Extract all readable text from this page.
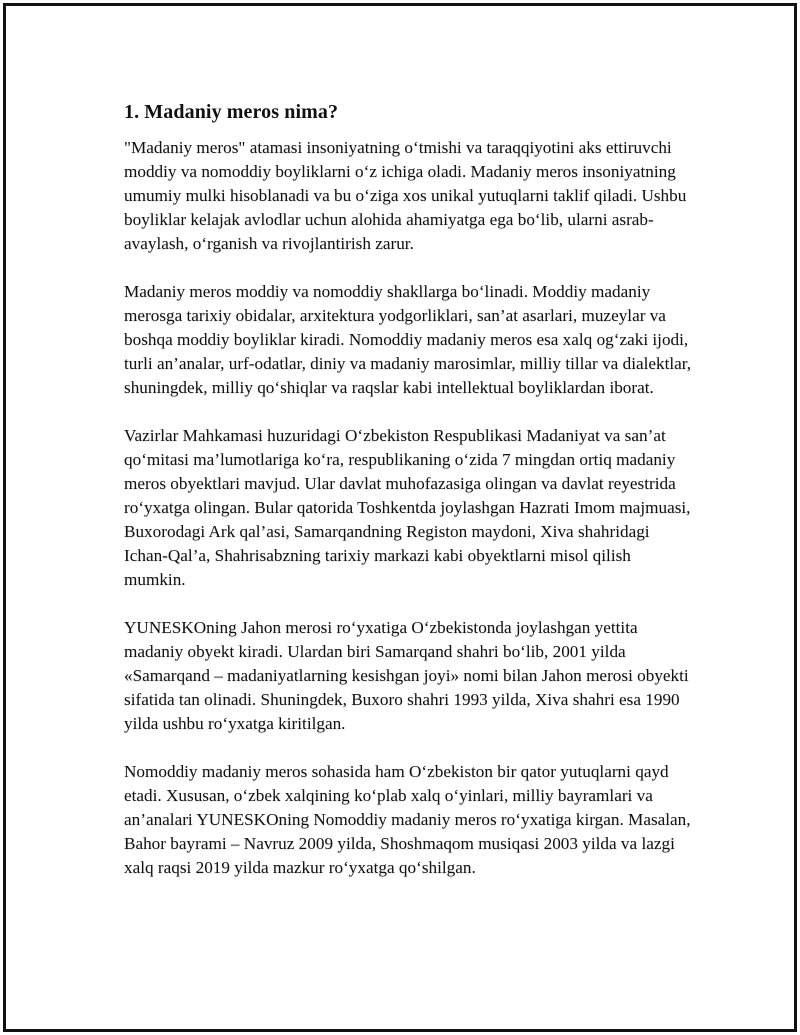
1. Madaniy meros nima?

"Madaniy meros" atamasi insoniyatning oʻtmishi va taraqqiyotini aks ettiruvchi moddiy va nomoddiy boyliklarni oʻz ichiga oladi. Madaniy meros insoniyatning umumiy mulki hisoblanadi va bu oʻziga xos unikal yutuqlarni taklif qiladi. Ushbu boyliklar kelajak avlodlar uchun alohida ahamiyatga ega boʻlib, ularni asrab-avaylash, oʻrganish va rivojlantirish zarur.

Madaniy meros moddiy va nomoddiy shakllarga boʻlinadi. Moddiy madaniy merosga tarixiy obidalar, arxitektura yodgorliklari, san’at asarlari, muzeylar va boshqa moddiy boyliklar kiradi. Nomoddiy madaniy meros esa xalq ogʻzaki ijodi, turli an’analar, urf-odatlar, diniy va madaniy marosimlar, milliy tillar va dialektlar, shuningdek, milliy qoʻshiqlar va raqslar kabi intellektual boyliklardan iborat.

Vazirlar Mahkamasi huzuridagi Oʻzbekiston Respublikasi Madaniyat va san’at qoʻmitasi ma’lumotlariga koʻra, respublikaning oʻzida 7 mingdan ortiq madaniy meros obyektlari mavjud. Ular davlat muhofazasiga olingan va davlat reyestrida roʻyxatga olingan. Bular qatorida Toshkentda joylashgan Hazrati Imom majmuasi, Buxorodagi Ark qal’asi, Samarqandning Registon maydoni, Xiva shahridagi Ichan-Qal’a, Shahrisabzning tarixiy markazi kabi obyektlarni misol qilish mumkin.

YUNESKOning Jahon merosi roʻyxatiga Oʻzbekistonda joylashgan yettita madaniy obyekt kiradi. Ulardan biri Samarqand shahri boʻlib, 2001 yilda «Samarqand – madaniyatlarning kesishgan joyi» nomi bilan Jahon merosi obyekti sifatida tan olinadi. Shuningdek, Buxoro shahri 1993 yilda, Xiva shahri esa 1990 yilda ushbu roʻyxatga kiritilgan.

Nomoddiy madaniy meros sohasida ham Oʻzbekiston bir qator yutuqlarni qayd etadi. Xususan, oʻzbek xalqining koʻplab xalq oʻyinlari, milliy bayramlari va an’analari YUNESKOning Nomoddiy madaniy meros roʻyxatiga kirgan. Masalan, Bahor bayrami – Navruz 2009 yilda, Shoshmaqom musiqasi 2003 yilda va lazgi xalq raqsi 2019 yilda mazkur roʻyxatga qoʻshilgan.
